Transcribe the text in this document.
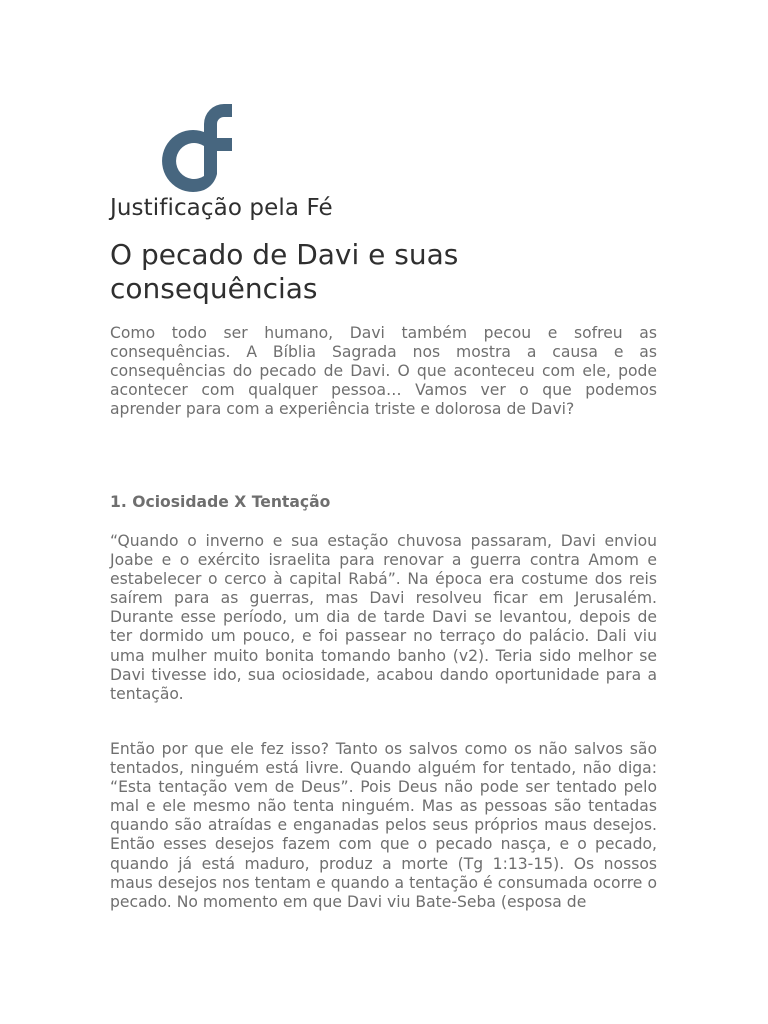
Justificação pela Fé
O pecado de Davi e suas consequências

Como todo ser humano, Davi também pecou e sofreu as consequências. A Bíblia Sagrada nos mostra a causa e as consequências do pecado de Davi. O que aconteceu com ele, pode acontecer com qualquer pessoa… Vamos ver o que podemos aprender para com a experiência triste e dolorosa de Davi?

1. Ociosidade X Tentação

“Quando o inverno e sua estação chuvosa passaram, Davi enviou Joabe e o exército israelita para renovar a guerra contra Amom e estabelecer o cerco à capital Rabá”. Na época era costume dos reis saírem para as guerras, mas Davi resolveu ficar em Jerusalém. Durante esse período, um dia de tarde Davi se levantou, depois de ter dormido um pouco, e foi passear no terraço do palácio. Dali viu uma mulher muito bonita tomando banho (v2). Teria sido melhor se Davi tivesse ido, sua ociosidade, acabou dando oportunidade para a tentação.

Então por que ele fez isso? Tanto os salvos como os não salvos são tentados, ninguém está livre. Quando alguém for tentado, não diga: “Esta tentação vem de Deus”. Pois Deus não pode ser tentado pelo mal e ele mesmo não tenta ninguém. Mas as pessoas são tentadas quando são atraídas e enganadas pelos seus próprios maus desejos. Então esses desejos fazem com que o pecado nasça, e o pecado, quando já está maduro, produz a morte (Tg 1:13-15). Os nossos maus desejos nos tentam e quando a tentação é consumada ocorre o pecado. No momento em que Davi viu Bate-Seba (esposa de
